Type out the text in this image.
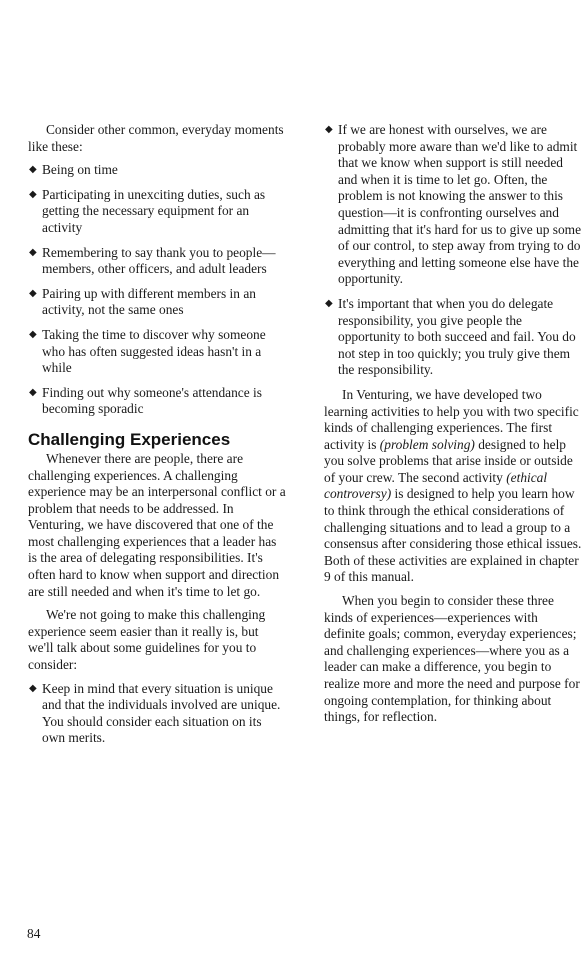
Consider other common, everyday moments like these:

◆ Being on time
◆ Participating in unexciting duties, such as getting the necessary equipment for an activity
◆ Remembering to say thank you to people—members, other officers, and adult leaders
◆ Pairing up with different members in an activity, not the same ones
◆ Taking the time to discover why someone who has often suggested ideas hasn't in a while
◆ Finding out why someone's attendance is becoming sporadic
Challenging Experiences

Whenever there are people, there are challenging experiences. A challenging experience may be an interpersonal conflict or a problem that needs to be addressed. In Venturing, we have discovered that one of the most challenging experiences that a leader has is the area of delegating responsibilities. It's often hard to know when support and direction are still needed and when it's time to let go.

We're not going to make this challenging experience seem easier than it really is, but we'll talk about some guidelines for you to consider:

◆ Keep in mind that every situation is unique and that the individuals involved are unique. You should consider each situation on its own merits.
◆ If we are honest with ourselves, we are probably more aware than we'd like to admit that we know when support is still needed and when it is time to let go. Often, the problem is not knowing the answer to this question—it is confronting ourselves and admitting that it's hard for us to give up some of our control, to step away from trying to do everything and letting someone else have the opportunity.
◆ It's important that when you do delegate responsibility, you give people the opportunity to both succeed and fail. You do not step in too quickly; you truly give them the responsibility.

In Venturing, we have developed two learning activities to help you with two specific kinds of challenging experiences. The first activity is (problem solving) designed to help you solve problems that arise inside or outside of your crew. The second activity (ethical controversy) is designed to help you learn how to think through the ethical considerations of challenging situations and to lead a group to a consensus after considering those ethical issues. Both of these activities are explained in chapter 9 of this manual.

When you begin to consider these three kinds of experiences—experiences with definite goals; common, everyday experiences; and challenging experiences—where you as a leader can make a difference, you begin to realize more and more the need and purpose for ongoing contemplation, for thinking about things, for reflection.

84
